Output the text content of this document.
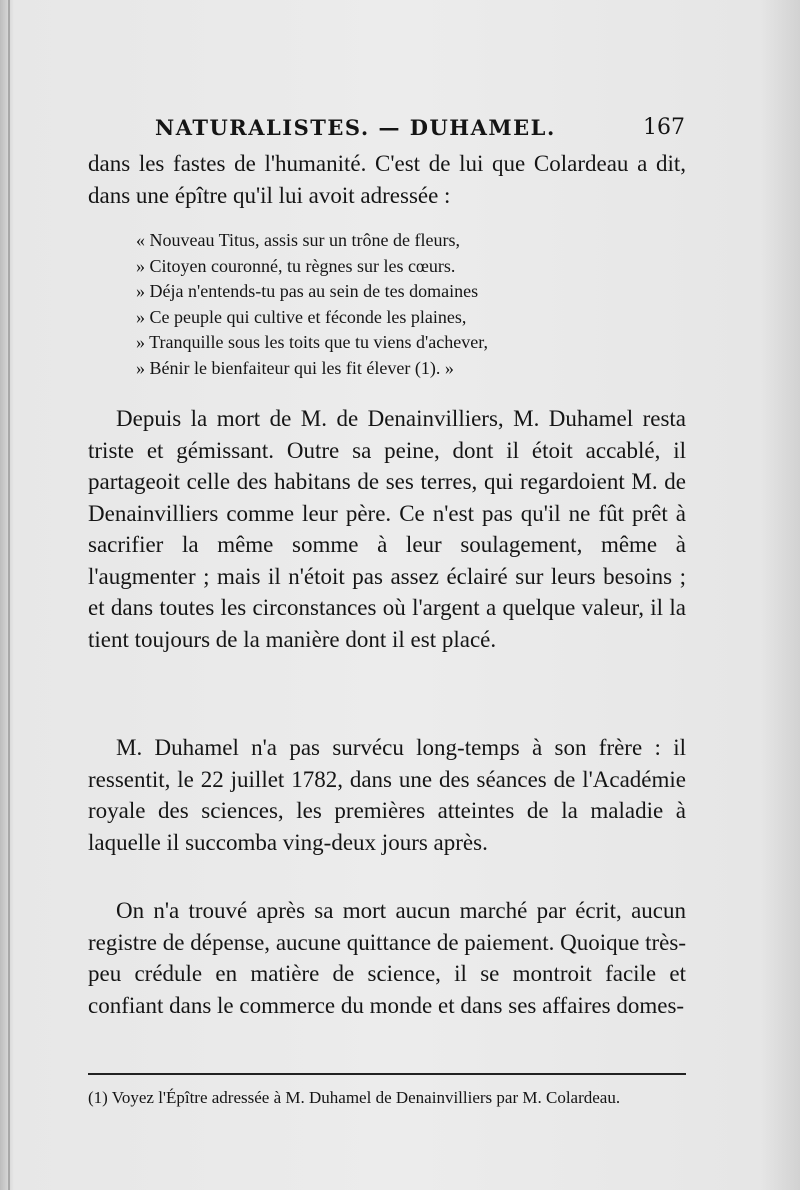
NATURALISTES. — DUHAMEL.	167

dans les fastes de l'humanité. C'est de lui que Colardeau a dit, dans une épître qu'il lui avoit adressée :

« Nouveau Titus, assis sur un trône de fleurs,

» Citoyen couronné, tu règnes sur les cœurs.

» Déja n'entends-tu pas au sein de tes domaines

» Ce peuple qui cultive et féconde les plaines,

» Tranquille sous les toits que tu viens d'achever,

» Bénir le bienfaiteur qui les fit élever (1). »

Depuis la mort de M. de Denainvilliers, M. Duhamel resta triste et gémissant. Outre sa peine, dont il étoit accablé, il partageoit celle des habitans de ses terres, qui regardoient M. de Denainvilliers comme leur père. Ce n'est pas qu'il ne fût prêt à sacrifier la même somme à leur soulagement, même à l'augmenter ; mais il n'étoit pas assez éclairé sur leurs besoins ; et dans toutes les circonstances où l'argent a quelque valeur, il la tient toujours de la manière dont il est placé.

M. Duhamel n'a pas survécu long-temps à son frère : il ressentit, le 22 juillet 1782, dans une des séances de l'Académie royale des sciences, les premières atteintes de la maladie à laquelle il succomba ving-deux jours après.

On n'a trouvé après sa mort aucun marché par écrit, aucun registre de dépense, aucune quittance de paiement. Quoique très-peu crédule en matière de science, il se montroit facile et confiant dans le commerce du monde et dans ses affaires domes-

(1) Voyez l'Épître adressée à M. Duhamel de Denainvilliers par M. Colardeau.
